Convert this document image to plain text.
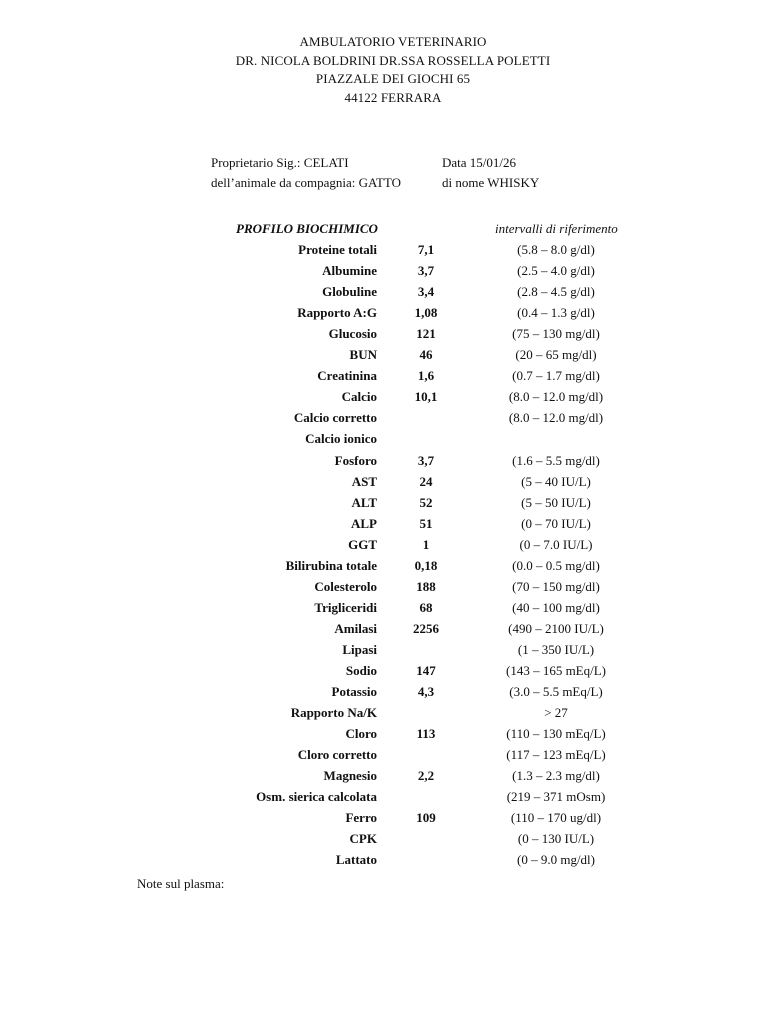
AMBULATORIO VETERINARIO
DR. NICOLA BOLDRINI DR.SSA ROSSELLA POLETTI
PIAZZALE DEI GIOCHI 65
44122 FERRARA
Proprietario Sig.: CELATI	Data 15/01/26
dell’animale da compagnia: GATTO	di nome WHISKY
PROFILO BIOCHIMICO	intervalli di riferimento
Proteine totali	7,1	(5.8 – 8.0 g/dl)
Albumine	3,7	(2.5 – 4.0 g/dl)
Globuline	3,4	(2.8 – 4.5 g/dl)
Rapporto A:G	1,08	(0.4 – 1.3 g/dl)
Glucosio	121	(75 – 130 mg/dl)
BUN	46	(20 – 65 mg/dl)
Creatinina	1,6	(0.7 – 1.7 mg/dl)
Calcio	10,1	(8.0 – 12.0 mg/dl)
Calcio corretto	(8.0 – 12.0 mg/dl)
Calcio ionico
Fosforo	3,7	(1.6 – 5.5 mg/dl)
AST	24	(5 – 40 IU/L)
ALT	52	(5 – 50 IU/L)
ALP	51	(0 – 70 IU/L)
GGT	1	(0 – 7.0 IU/L)
Bilirubina totale	0,18	(0.0 – 0.5 mg/dl)
Colesterolo	188	(70 – 150 mg/dl)
Trigliceridi	68	(40 – 100 mg/dl)
Amilasi	2256	(490 – 2100 IU/L)
Lipasi	(1 – 350 IU/L)
Sodio	147	(143 – 165 mEq/L)
Potassio	4,3	(3.0 – 5.5 mEq/L)
Rapporto Na/K	> 27
Cloro	113	(110 – 130 mEq/L)
Cloro corretto	(117 – 123 mEq/L)
Magnesio	2,2	(1.3 – 2.3 mg/dl)
Osm. sierica calcolata	(219 – 371 mOsm)
Ferro	109	(110 – 170 ug/dl)
CPK	(0 – 130 IU/L)
Lattato	(0 – 9.0 mg/dl)
Note sul plasma:
